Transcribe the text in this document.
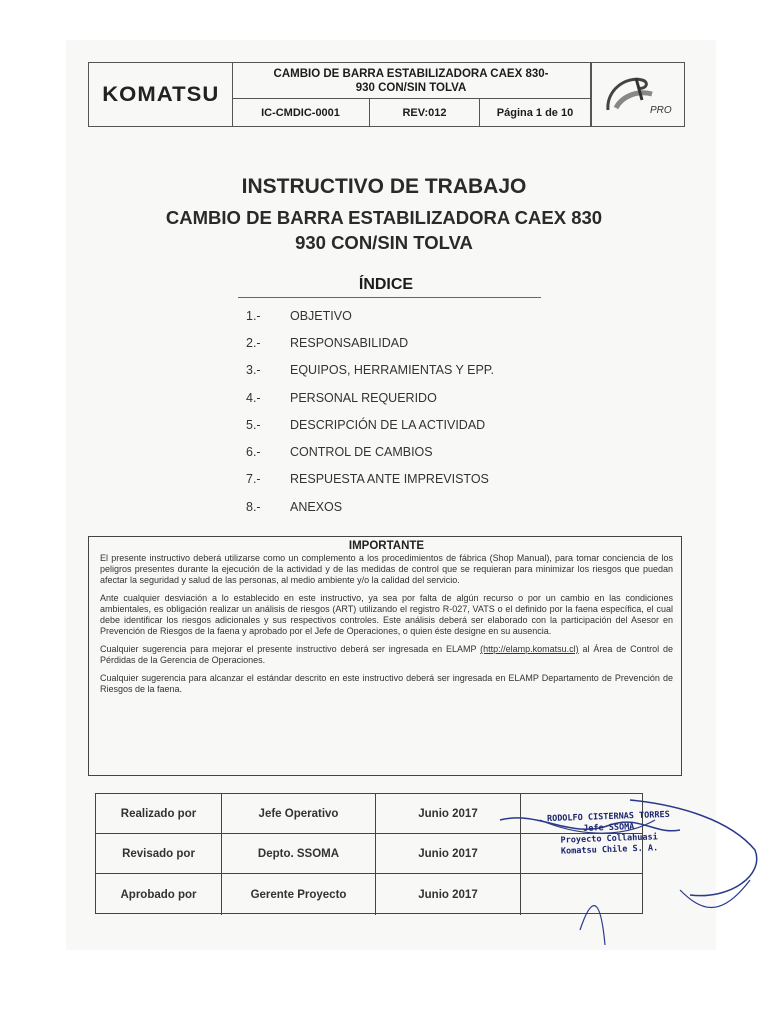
KOMATSU
CAMBIO DE BARRA ESTABILIZADORA CAEX 830-
930 CON/SIN TOLVA
IC-CMDIC-0001	REV:012	Página 1 de 10	PRO
INSTRUCTIVO DE TRABAJO
CAMBIO DE BARRA ESTABILIZADORA CAEX 830
930 CON/SIN TOLVA
ÍNDICE
1.-	OBJETIVO
2.-	RESPONSABILIDAD
3.-	EQUIPOS, HERRAMIENTAS Y EPP.
4.-	PERSONAL REQUERIDO
5.-	DESCRIPCIÓN DE LA ACTIVIDAD
6.-	CONTROL DE CAMBIOS
7.-	RESPUESTA ANTE IMPREVISTOS
8.-	ANEXOS
IMPORTANTE

El presente instructivo deberá utilizarse como un complemento a los procedimientos de fábrica (Shop Manual), para tomar conciencia de los peligros presentes durante la ejecución de la actividad y de las medidas de control que se requieran para minimizar los riesgos que puedan afectar la seguridad y salud de las personas, al medio ambiente y/o la calidad del servicio.

Ante cualquier desviación a lo establecido en este instructivo, ya sea por falta de algún recurso o por un cambio en las condiciones ambientales, es obligación realizar un análisis de riesgos (ART) utilizando el registro R-027, VATS o el definido por la faena específica, el cual debe identificar los riesgos adicionales y sus respectivos controles. Este análisis deberá ser elaborado con la participación del Asesor en Prevención de Riesgos de la faena y aprobado por el Jefe de Operaciones, o quien éste designe en su ausencia.

Cualquier sugerencia para mejorar el presente instructivo deberá ser ingresada en ELAMP (http://elamp.komatsu.cl) al Área de Control de Pérdidas de la Gerencia de Operaciones.

Cualquier sugerencia para alcanzar el estándar descrito en este instructivo deberá ser ingresada en ELAMP Departamento de Prevención de Riesgos de la faena.

Realizado por	Jefe Operativo	Junio 2017
Revisado por	Depto. SSOMA	Junio 2017
Aprobado por	Gerente Proyecto	Junio 2017
RODOLFO CISTERNAS TORRES
Jefe SSOMA
Proyecto Collahuasi
Komatsu Chile S. A.
